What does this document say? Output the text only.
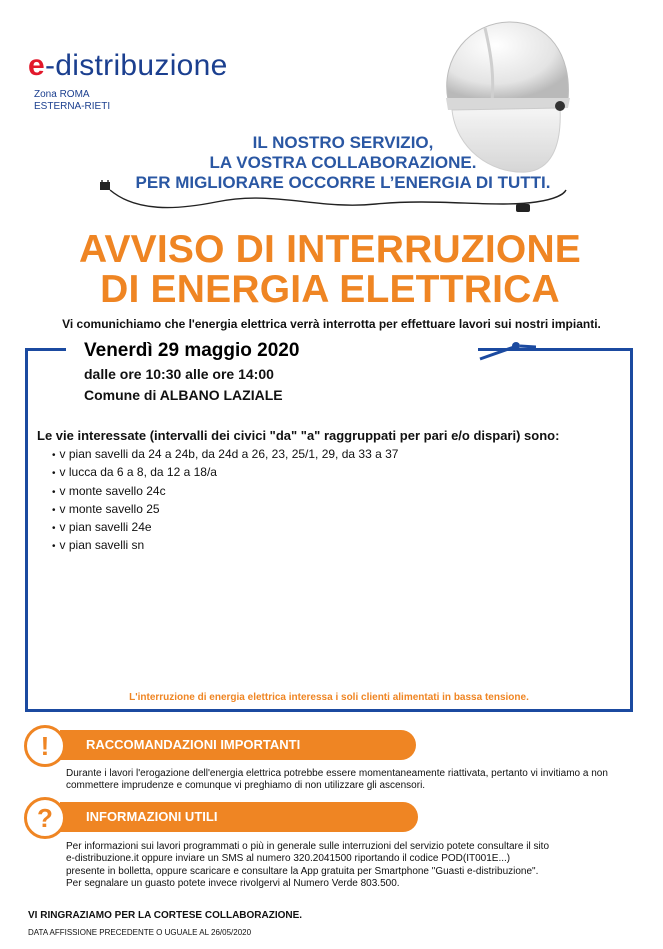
e-distribuzione
Zona ROMA
ESTERNA-RIETI
IL NOSTRO SERVIZIO,
LA VOSTRA COLLABORAZIONE.
PER MIGLIORARE OCCORRE L’ENERGIA DI TUTTI.
AVVISO DI INTERRUZIONE
DI ENERGIA ELETTRICA
Vi comunichiamo che l'energia elettrica verrà interrotta per effettuare lavori sui nostri impianti.
Venerdì 29 maggio 2020
dalle ore 10:30 alle ore 14:00
Comune di ALBANO LAZIALE
Le vie interessate (intervalli dei civici "da" "a" raggruppati per pari e/o dispari) sono:
• v pian savelli da 24 a 24b, da 24d a 26, 23, 25/1, 29, da 33 a 37
• v lucca da 6 a 8, da 12 a 18/a
• v monte savello 24c
• v monte savello 25
• v pian savelli 24e
• v pian savelli sn
L'interruzione di energia elettrica interessa i soli clienti alimentati in bassa tensione.
RACCOMANDAZIONI IMPORTANTI
!
Durante i lavori l'erogazione dell'energia elettrica potrebbe essere momentaneamente riattivata, pertanto vi invitiamo a non commettere imprudenze e comunque vi preghiamo di non utilizzare gli ascensori.
INFORMAZIONI UTILI
?
Per informazioni sui lavori programmati o più in generale sulle interruzioni del servizio potete consultare il sito
e-distribuzione.it oppure inviare un SMS al numero 320.2041500 riportando il codice POD(IT001E...)
presente in bolletta, oppure scaricare e consultare la App gratuita per Smartphone "Guasti e-distribuzione".
Per segnalare un guasto potete invece rivolgervi al Numero Verde 803.500.
VI RINGRAZIAMO PER LA CORTESE COLLABORAZIONE.
DATA AFFISSIONE PRECEDENTE O UGUALE AL 26/05/2020
